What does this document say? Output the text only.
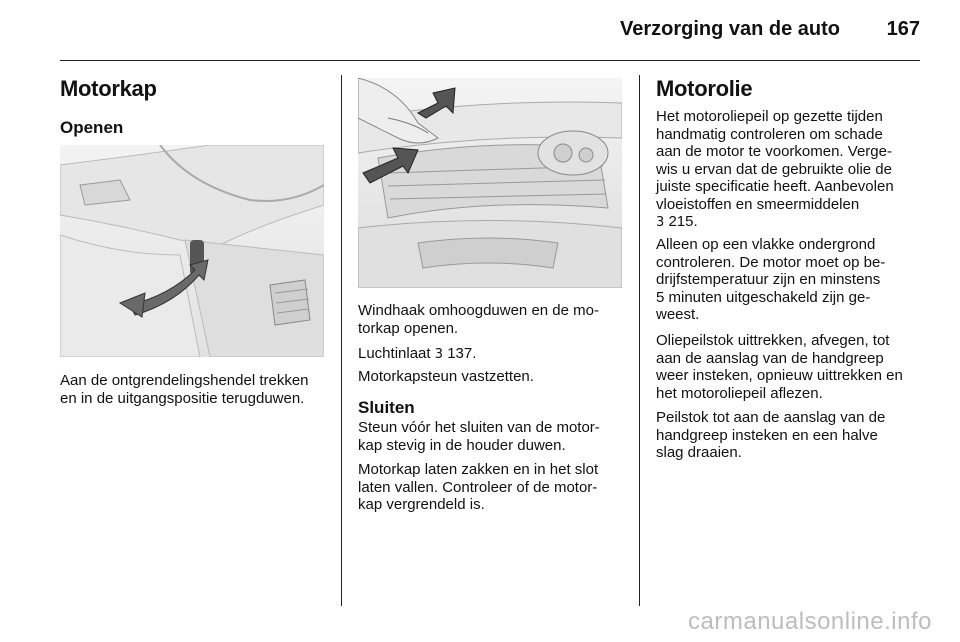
Verzorging van de auto 167
Motorkap
Openen
Aan de ontgrendelingshendel trekken
en in de uitgangspositie terugduwen.
Windhaak omhoogduwen en de mo-
torkap openen.
Luchtinlaat 3 137.
Motorkapsteun vastzetten.
Sluiten
Steun vóór het sluiten van de motor-
kap stevig in de houder duwen.
Motorkap laten zakken en in het slot
laten vallen. Controleer of de motor-
kap vergrendeld is.
Motorolie
Het motoroliepeil op gezette tijden
handmatig controleren om schade
aan de motor te voorkomen. Verge-
wis u ervan dat de gebruikte olie de
juiste specificatie heeft. Aanbevolen
vloeistoffen en smeermiddelen
3 215.
Alleen op een vlakke ondergrond
controleren. De motor moet op be-
drijfstemperatuur zijn en minstens
5 minuten uitgeschakeld zijn ge-
weest.
Oliepeilstok uittrekken, afvegen, tot
aan de aanslag van de handgreep
weer insteken, opnieuw uittrekken en
het motoroliepeil aflezen.
Peilstok tot aan de aanslag van de
handgreep insteken en een halve
slag draaien.
carmanualsonline.info
